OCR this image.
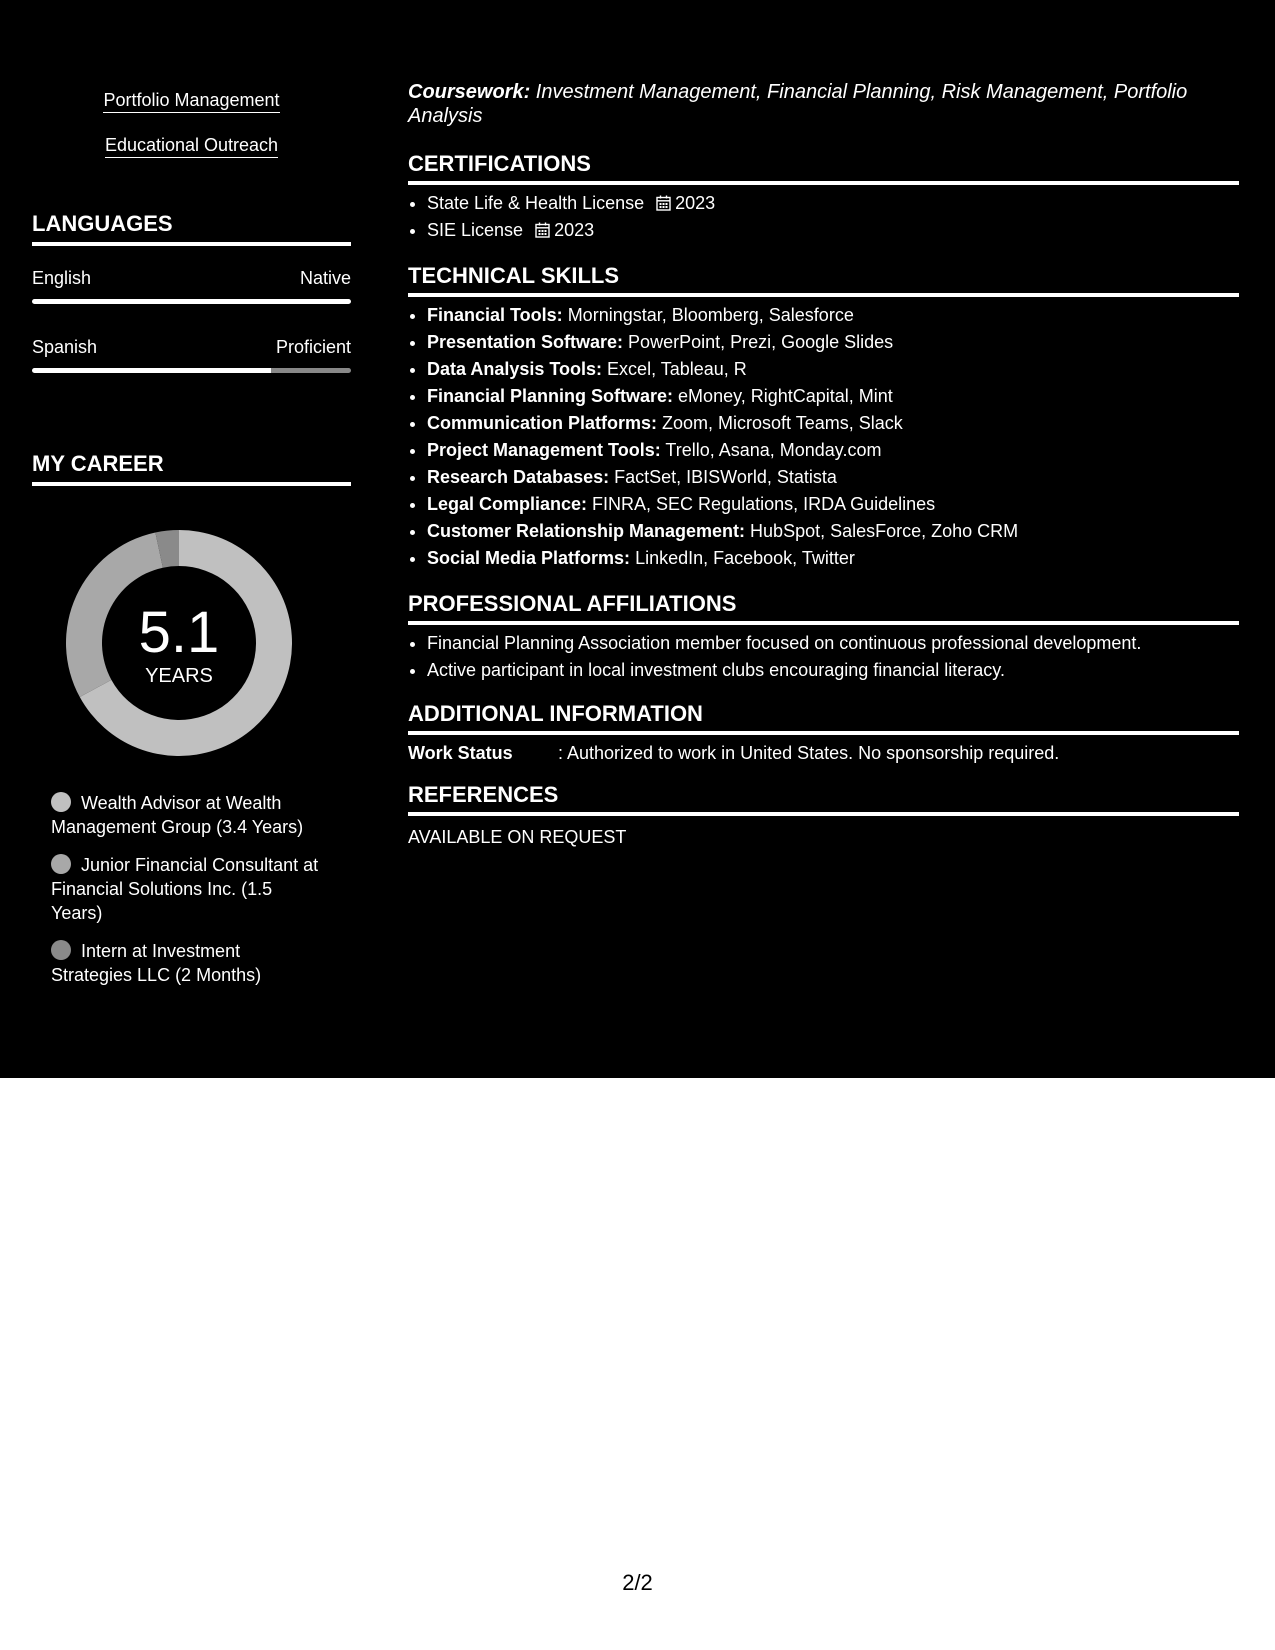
Portfolio Management
Educational Outreach
LANGUAGES
English	Native
Spanish	Proficient
MY CAREER
5.1
YEARS
Wealth Advisor at Wealth Management Group (3.4 Years)
Junior Financial Consultant at Financial Solutions Inc. (1.5 Years)
Intern at Investment Strategies LLC (2 Months)
Coursework: Investment Management, Financial Planning, Risk Management, Portfolio Analysis
CERTIFICATIONS
• State Life & Health License 2023
• SIE License 2023
TECHNICAL SKILLS
• Financial Tools: Morningstar, Bloomberg, Salesforce
• Presentation Software: PowerPoint, Prezi, Google Slides
• Data Analysis Tools: Excel, Tableau, R
• Financial Planning Software: eMoney, RightCapital, Mint
• Communication Platforms: Zoom, Microsoft Teams, Slack
• Project Management Tools: Trello, Asana, Monday.com
• Research Databases: FactSet, IBISWorld, Statista
• Legal Compliance: FINRA, SEC Regulations, IRDA Guidelines
• Customer Relationship Management: HubSpot, SalesForce, Zoho CRM
• Social Media Platforms: LinkedIn, Facebook, Twitter
PROFESSIONAL AFFILIATIONS
• Financial Planning Association member focused on continuous professional development.
• Active participant in local investment clubs encouraging financial literacy.
ADDITIONAL INFORMATION
Work Status	: Authorized to work in United States. No sponsorship required.
REFERENCES
AVAILABLE ON REQUEST
2/2
